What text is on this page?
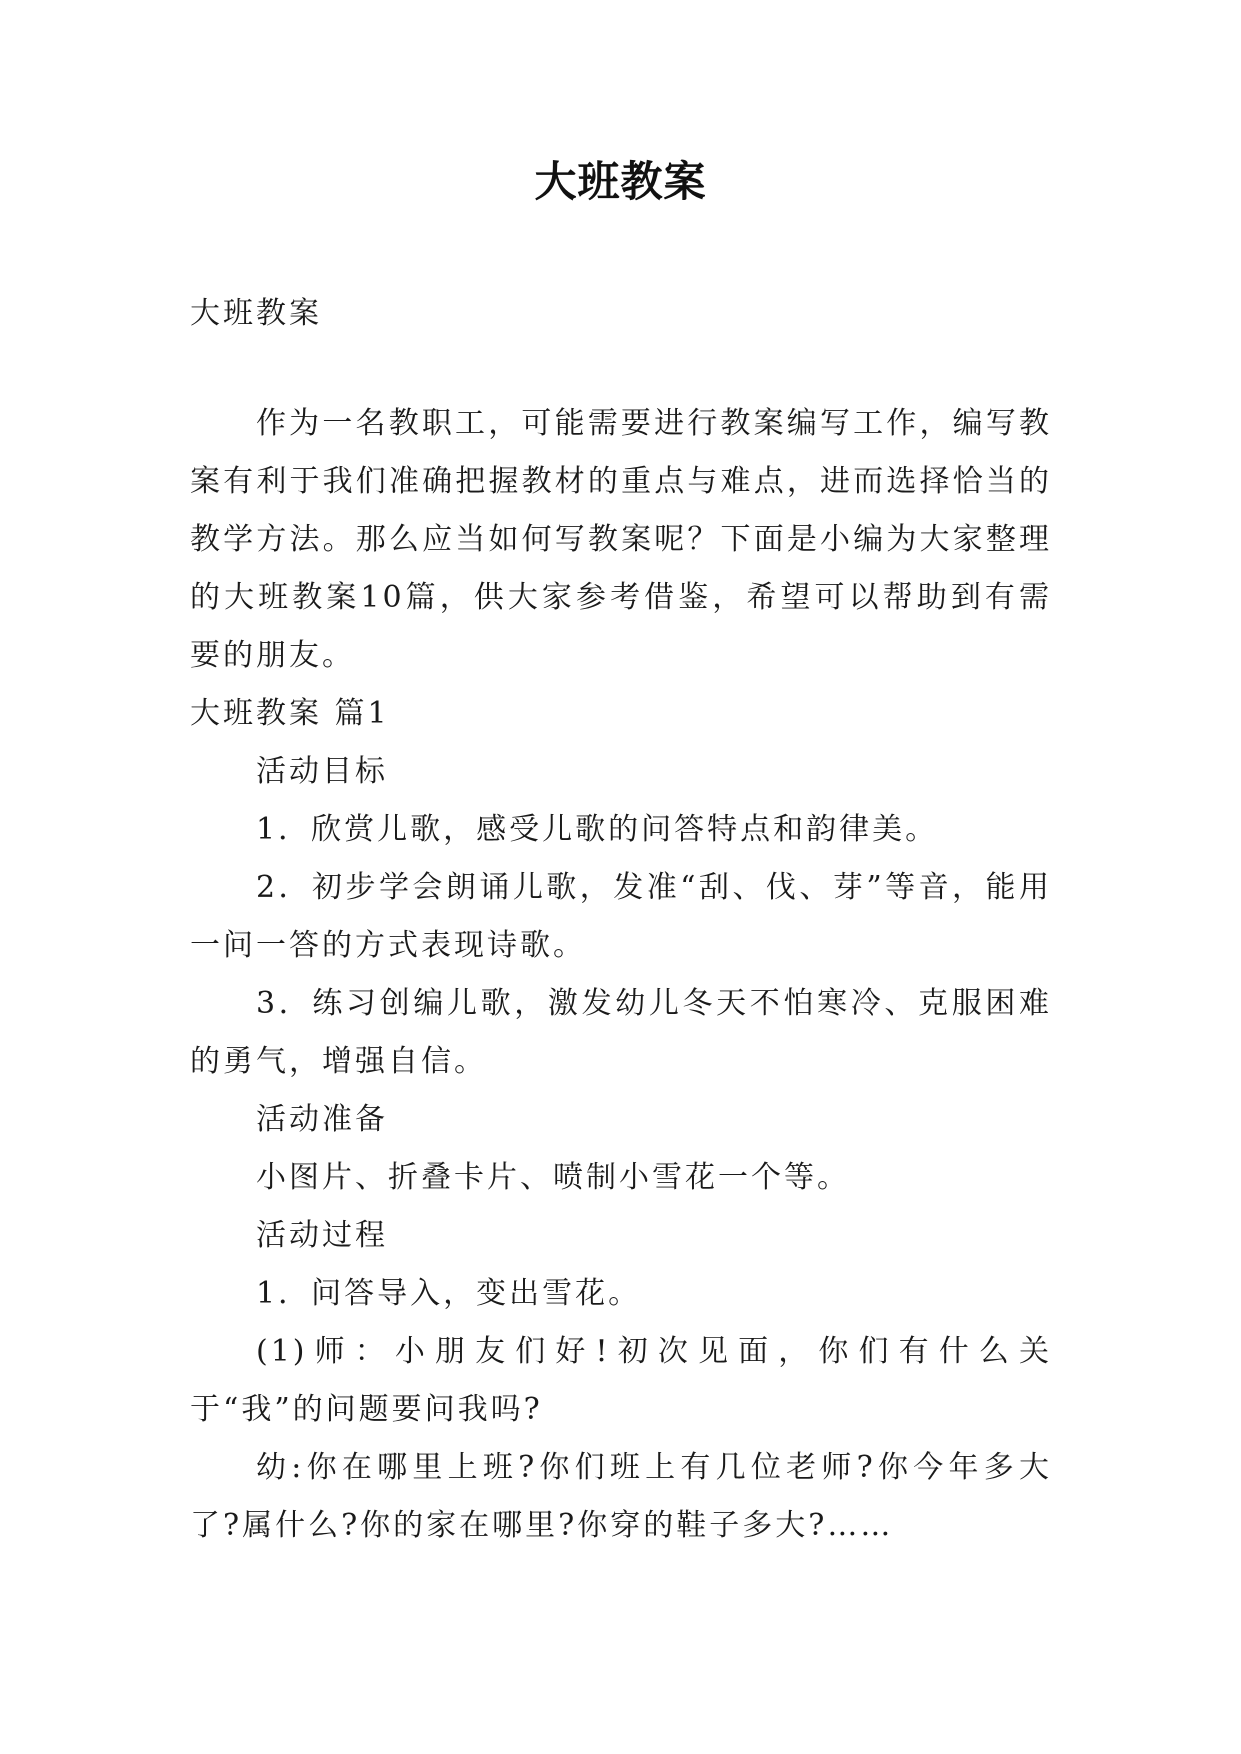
大班教案

大班教案

作为一名教职工，可能需要进行教案编写工作，编写教案有利于我们准确把握教材的重点与难点，进而选择恰当的教学方法。那么应当如何写教案呢？下面是小编为大家整理的大班教案10篇，供大家参考借鉴，希望可以帮助到有需要的朋友。

大班教案 篇1

活动目标

1．欣赏儿歌，感受儿歌的问答特点和韵律美。

2．初步学会朗诵儿歌，发准“刮、伐、芽”等音，能用一问一答的方式表现诗歌。

3．练习创编儿歌，激发幼儿冬天不怕寒冷、克服困难的勇气，增强自信。

活动准备

小图片、折叠卡片、喷制小雪花一个等。

活动过程

1．问答导入，变出雪花。

(1)师：小朋友们好!初次见面，你们有什么关于“我”的问题要问我吗?

幼:你在哪里上班?你们班上有几位老师?你今年多大了?属什么?你的家在哪里?你穿的鞋子多大?……
